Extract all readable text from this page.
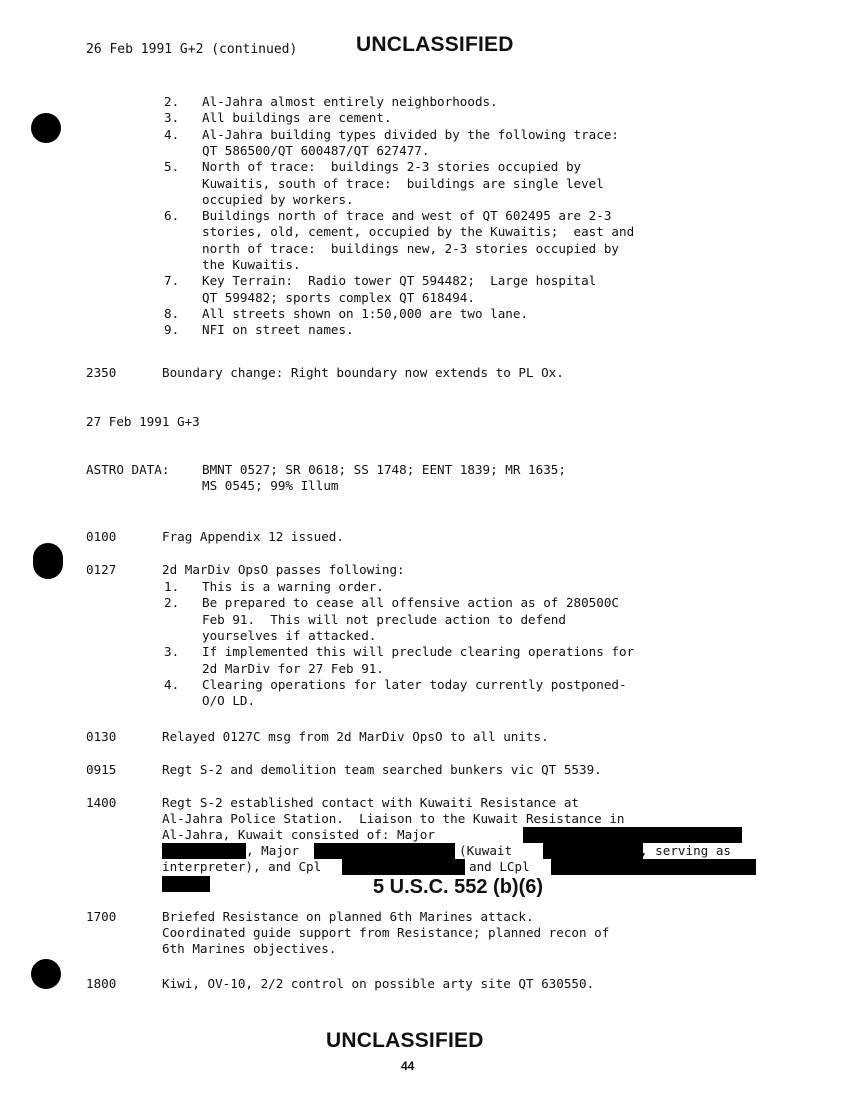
26 Feb 1991 G+2 (continued)	UNCLASSIFIED
2. Al-Jahra almost entirely neighborhoods.
3. All buildings are cement.
4. Al-Jahra building types divided by the following trace:
QT 586500/QT 600487/QT 627477.
5. North of trace:  buildings 2-3 stories occupied by
Kuwaitis, south of trace:  buildings are single level
occupied by workers.
6. Buildings north of trace and west of QT 602495 are 2-3
stories, old, cement, occupied by the Kuwaitis;  east and
north of trace:  buildings new, 2-3 stories occupied by
the Kuwaitis.
7. Key Terrain:  Radio tower QT 594482;  Large hospital
QT 599482; sports complex QT 618494.
8. All streets shown on 1:50,000 are two lane.
9. NFI on street names.
2350	Boundary change: Right boundary now extends to PL Ox.
27 Feb 1991 G+3
ASTRO DATA:	BMNT 0527; SR 0618; SS 1748; EENT 1839; MR 1635;
MS 0545; 99% Illum
0100	Frag Appendix 12 issued.
0127	2d MarDiv OpsO passes following:
1. This is a warning order.
2. Be prepared to cease all offensive action as of 280500C
Feb 91.  This will not preclude action to defend
yourselves if attacked.
3. If implemented this will preclude clearing operations for
2d MarDiv for 27 Feb 91.
4. Clearing operations for later today currently postponed-
O/O LD.
0130	Relayed 0127C msg from 2d MarDiv OpsO to all units.
0915	Regt S-2 and demolition team searched bunkers vic QT 5539.
1400	Regt S-2 established contact with Kuwaiti Resistance at
Al-Jahra Police Station.  Liaison to the Kuwait Resistance in
Al-Jahra, Kuwait consisted of: Major
, Major	(Kuwait	, serving as
interpreter), and Cpl	and LCpl
5 U.S.C. 552 (b)(6)
1700	Briefed Resistance on planned 6th Marines attack.
Coordinated guide support from Resistance; planned recon of
6th Marines objectives.
1800	Kiwi, OV-10, 2/2 control on possible arty site QT 630550.
UNCLASSIFIED
44
